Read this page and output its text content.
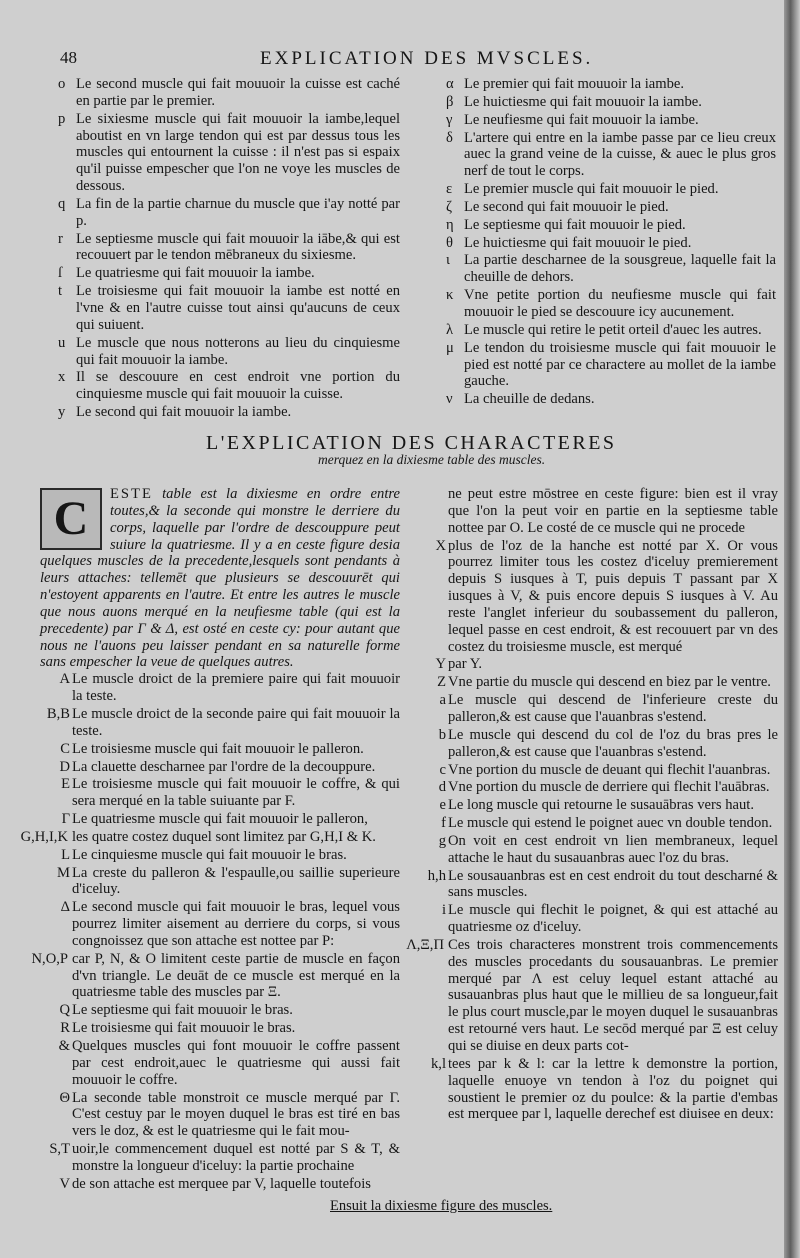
48	EXPLICATION DES MVSCLES.
o Le second muscle qui fait mouuoir la cuisse est caché en partie par le premier.
p Le sixiesme muscle qui fait mouuoir la iambe,lequel aboutist en vn large tendon qui est par dessus tous les muscles qui entournent la cuisse : il n'est pas si espaix qu'il puisse empescher que l'on ne voye les muscles de dessous.
q La fin de la partie charnue du muscle que i'ay notté par p.
r Le septiesme muscle qui fait mouuoir la iābe,& qui est recouuert par le tendon mēbraneux du sixiesme.
ſ Le quatriesme qui fait mouuoir la iambe.
t Le troisiesme qui fait mouuoir la iambe est notté en l'vne & en l'autre cuisse tout ainsi qu'aucuns de ceux qui suiuent.
u Le muscle que nous notterons au lieu du cinquiesme qui fait mouuoir la iambe.
x Il se descouure en cest endroit vne portion du cinquiesme muscle qui fait mouuoir la cuisse.
y Le second qui fait mouuoir la iambe.
α Le premier qui fait mouuoir la iambe.
β Le huictiesme qui fait mouuoir la iambe.
γ Le neufiesme qui fait mouuoir la iambe.
δ L'artere qui entre en la iambe passe par ce lieu creux auec la grand veine de la cuisse, & auec le plus gros nerf de tout le corps.
ε Le premier muscle qui fait mouuoir le pied.
ζ Le second qui fait mouuoir le pied.
η Le septiesme qui fait mouuoir le pied.
θ Le huictiesme qui fait mouuoir le pied.
ι La partie descharnee de la sousgreue, laquelle fait la cheuille de dehors.
κ Vne petite portion du neufiesme muscle qui fait mouuoir le pied se descouure icy aucunement.
λ Le muscle qui retire le petit orteil d'auec les autres.
μ Le tendon du troisiesme muscle qui fait mouuoir le pied est notté par ce charactere au mollet de la iambe gauche.
ν La cheuille de dedans.
L'EXPLICATION DES CHARACTERES
merquez en la dixiesme table des muscles.
C	ESTE table est la dixiesme en ordre entre toutes,& la seconde qui monstre le derriere du corps, laquelle par l'ordre de descouppure peut suiure la quatriesme. Il y a en ceste figure desia quelques muscles de la precedente,lesquels sont pendants à leurs attaches: tellemēt que plusieurs se descouurēt qui n'estoyent apparents en l'autre. Et entre les autres le muscle que nous auons merqué en la neufiesme table (qui est la precedente) par Γ & Δ, est osté en ceste cy: pour autant que nous ne l'auons peu laisser pendant en sa naturelle forme sans empescher la veue de quelques autres.
A Le muscle droict de la premiere paire qui fait mouuoir la teste.
B,B Le muscle droict de la seconde paire qui fait mouuoir la teste.
C Le troisiesme muscle qui fait mouuoir le palleron.
D La clauette descharnee par l'ordre de la decouppure.
E Le troisiesme muscle qui fait mouuoir le coffre, & qui sera merqué en la table suiuante par F.
Γ Le quatriesme muscle qui fait mouuoir le palleron,
G,H,I,K les quatre costez duquel sont limitez par G,H,I & K.
L Le cinquiesme muscle qui fait mouuoir le bras.
M La creste du palleron & l'espaulle,ou saillie superieure d'iceluy.
Δ Le second muscle qui fait mouuoir le bras, lequel vous pourrez limiter aisement au derriere du corps, si vous congnoissez que son attache est nottee par P:
N,O,P car P, N, & O limitent ceste partie de muscle en façon d'vn triangle. Le deuāt de ce muscle est merqué en la quatriesme table des muscles par Ξ.
Q Le septiesme qui fait mouuoir le bras.
R Le troisiesme qui fait mouuoir le bras.
& Quelques muscles qui font mouuoir le coffre passent par cest endroit,auec le quatriesme qui aussi fait mouuoir le coffre.
Θ La seconde table monstroit ce muscle merqué par Γ. C'est cestuy par le moyen duquel le bras est tiré en bas vers le doz, & est le quatriesme qui le fait mou-
S,T uoir,le commencement duquel est notté par S & T, & monstre la longueur d'iceluy: la partie prochaine
V de son attache est merquee par V, laquelle toutefois
ne peut estre mōstree en ceste figure: bien est il vray que l'on la peut voir en partie en la septiesme table nottee par O. Le costé de ce muscle qui ne procede
X plus de l'oz de la hanche est notté par X. Or vous pourrez limiter tous les costez d'iceluy premierement depuis S iusques à T, puis depuis T passant par X iusques à V, & puis encore depuis S iusques à V. Au reste l'anglet inferieur du soubassement du palleron, lequel passe en cest endroit, & est recouuert par vn des costez du troisiesme muscle, est merqué
Y par Y.
Z Vne partie du muscle qui descend en biez par le ventre.
a Le muscle qui descend de l'inferieure creste du palleron,& est cause que l'auanbras s'estend.
b Le muscle qui descend du col de l'oz du bras pres le palleron,& est cause que l'auanbras s'estend.
c Vne portion du muscle de deuant qui flechit l'auanbras.
d Vne portion du muscle de derriere qui flechit l'auābras.
e Le long muscle qui retourne le susauābras vers haut.
f Le muscle qui estend le poignet auec vn double tendon.
g On voit en cest endroit vn lien membraneux, lequel attache le haut du susauanbras auec l'oz du bras.
h,h Le sousauanbras est en cest endroit du tout descharné & sans muscles.
i Le muscle qui flechit le poignet, & qui est attaché au quatriesme oz d'iceluy.
Λ,Ξ,Π Ces trois characteres monstrent trois commencements des muscles procedants du sousauanbras. Le premier merqué par Λ est celuy lequel estant attaché au susauanbras plus haut que le millieu de sa longueur,fait le plus court muscle,par le moyen duquel le susauanbras est retourné vers haut. Le secōd merqué par Ξ est celuy qui se diuise en deux parts cot-
k,l tees par k & l: car la lettre k demonstre la portion, laquelle enuoye vn tendon à l'oz du poignet qui soustient le premier oz du poulce: & la partie d'embas est merquee par l, laquelle derechef est diuisee en deux:
Ensuit la dixiesme figure des muscles.
